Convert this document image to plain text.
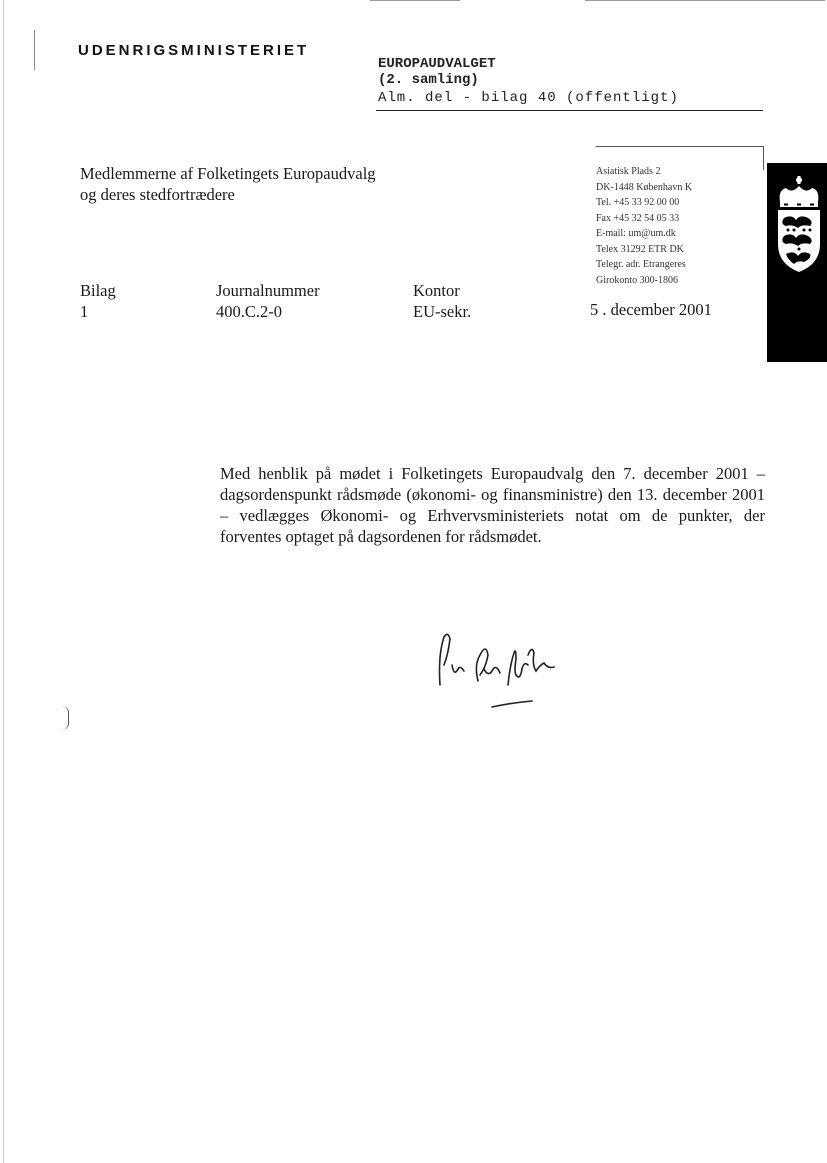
UDENRIGSMINISTERIET
EUROPAUDVALGET
(2. samling)
Alm. del - bilag 40 (offentligt)
Medlemmerne af Folketingets Europaudvalg
og deres stedfortrædere
Asiatisk Plads 2
DK-1448 København K
Tel. +45 33 92 00 00
Fax +45 32 54 05 33
E-mail: um@um.dk
Telex 31292 ETR DK
Telegr. adr. Etrangeres
Girokonto 300-1806
Bilag
1
Journalnummer
400.C.2-0
Kontor
EU-sekr.	5 . december 2001
Med henblik på mødet i Folketingets Europaudvalg den 7. december 2001 – dagsordenspunkt rådsmøde (økonomi- og finansministre) den 13. december 2001 – vedlægges Økonomi- og Erhvervsministeriets notat om de punkter, der forventes optaget på dagsordenen for rådsmødet.
